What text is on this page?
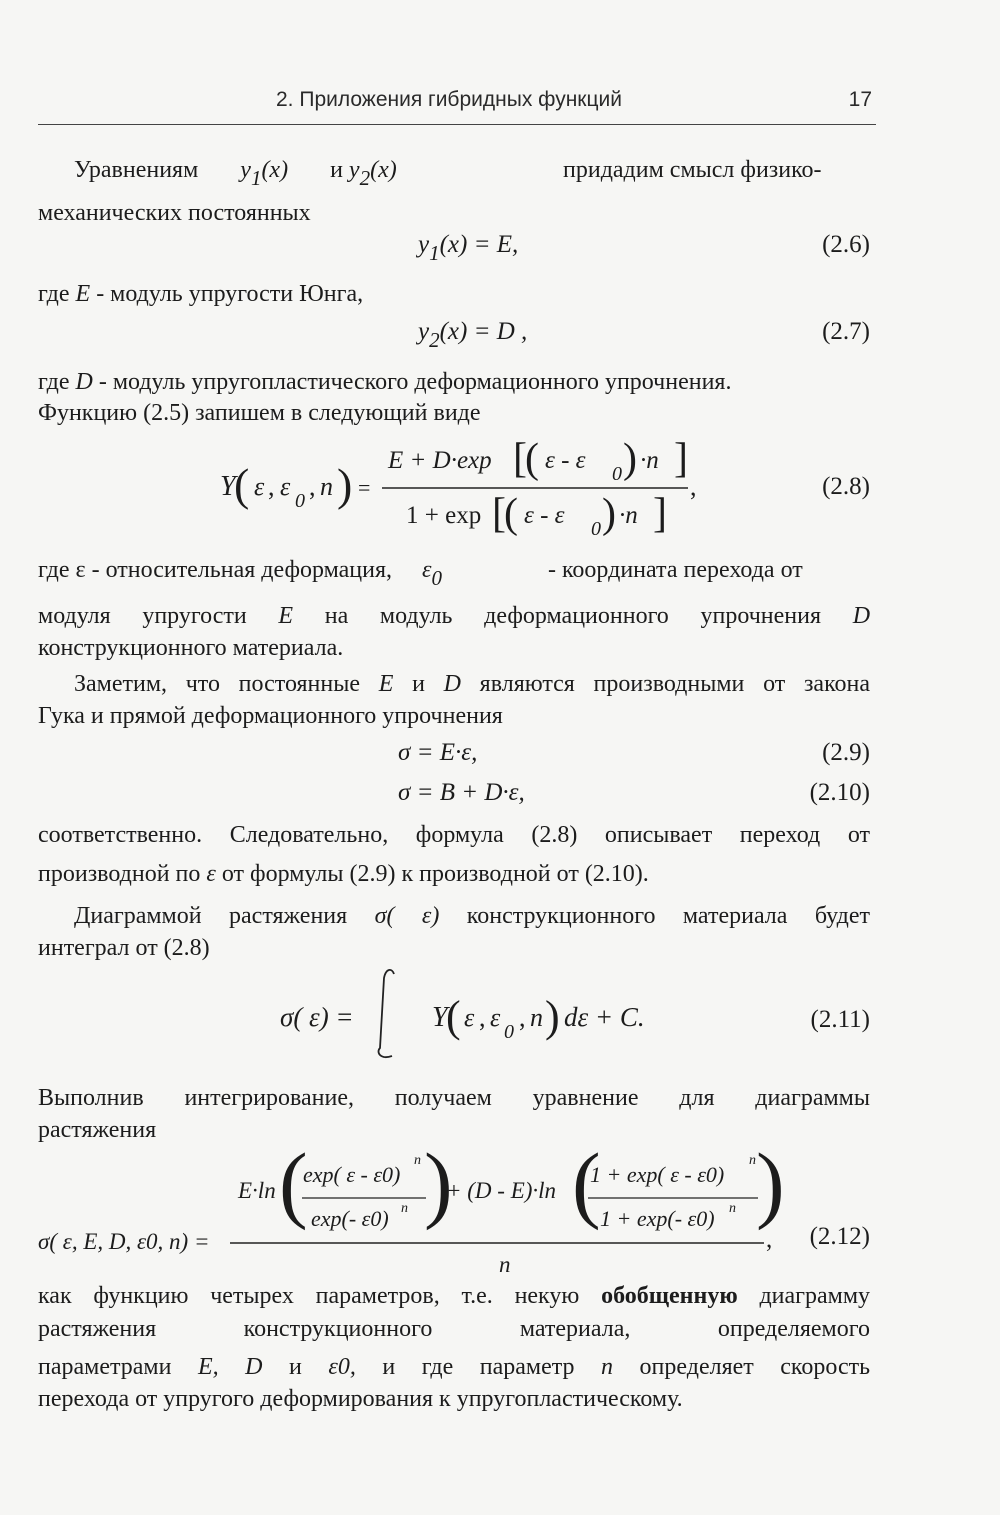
2. Приложения гибридных функций	17
Уравнениям y1(x) и y2(x)	придадим смысл физико-
механических постоянных
$y_1(x) = E$,	(2.6)
где E - модуль упругости Юнга,
$y_2(x) = D$ ,	(2.7)
где D - модуль упругопластического деформационного упрочнения.
Функцию (2.5) запишем в следующий виде
Y
( ε , ε 0 , n ) =
E + D·exp [
( ε - ε 0 ) ·n ]
,
1 + exp [
( ε - ε 0 ) ·n ]
(2.8)
где ε - относительная деформация, ε0	- координата перехода от
модуля упругости E на модуль деформационного упрочнения D
конструкционного материала.
Заметим, что постоянные E и D являются производными от закона
Гука и прямой деформационного упрочнения
σ = E·ε,	(2.9)
σ = B + D·ε,	(2.10)
соответственно. Следовательно, формула (2.8) описывает переход от
производной по ε от формулы (2.9) к производной от (2.10).
Диаграммой растяжения σ( ε) конструкционного материала будет
интеграл от (2.8)
σ( ε) =	Y
( ε , ε 0 , n ) dε + C.	(2.11)
Выполнив интегрирование, получаем уравнение для диаграммы
растяжения
σ( ε, E, D, ε0, n) =
E·ln (
exp( ε - ε0)
n
exp(- ε0) n )
+ (D - E)·ln (
1 + exp( ε - ε0)
n
1 + exp(- ε0) n )
,
n
(2.12)
как функцию четырех параметров, т.е. некую обобщенную диаграмму
растяжения конструкционного материала, определяемого
параметрами E, D и ε0, и где параметр n определяет скорость
перехода от упругого деформирования к упругопластическому.
